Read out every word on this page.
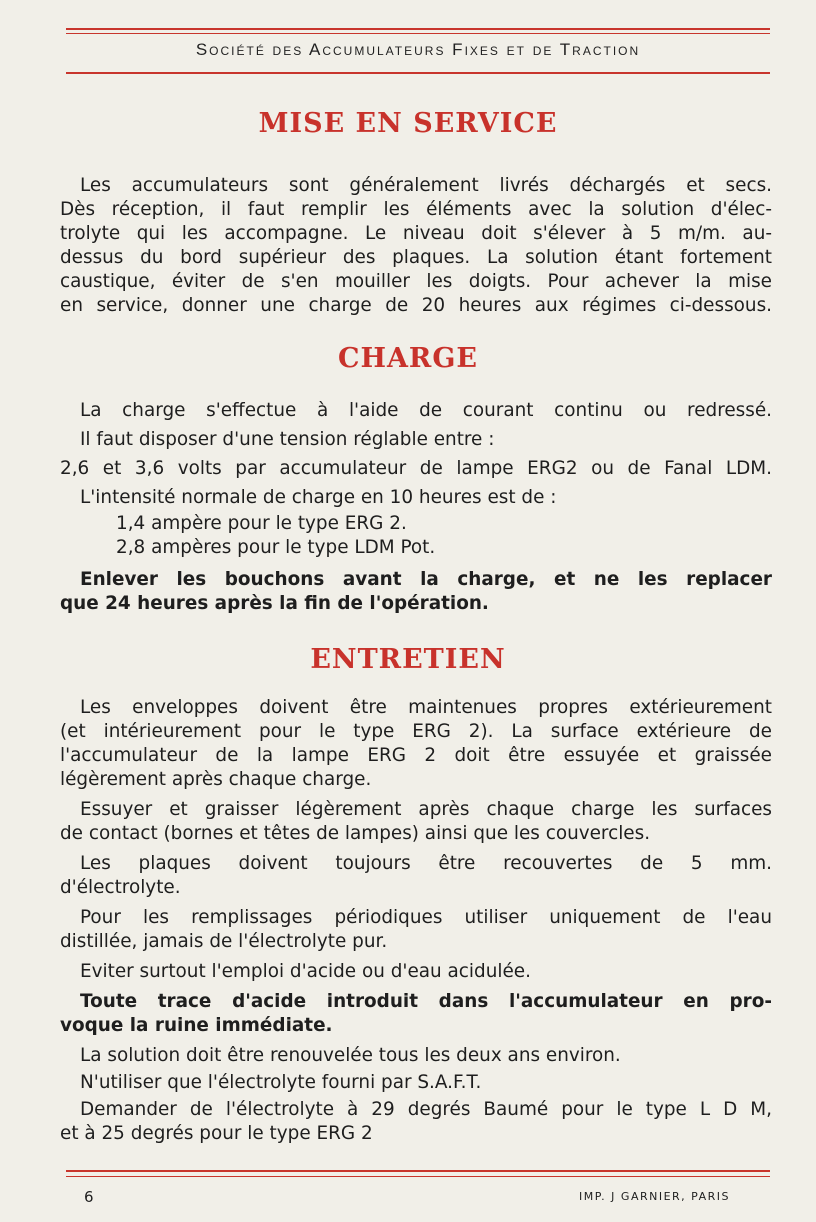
Société des Accumulateurs Fixes et de Traction
MISE EN SERVICE

Les accumulateurs sont généralement livrés déchargés et secs.

Dès réception, il faut remplir les éléments avec la solution d'élec-

trolyte qui les accompagne. Le niveau doit s'élever à 5 m/m. au-

dessus du bord supérieur des plaques. La solution étant fortement

caustique, éviter de s'en mouiller les doigts. Pour achever la mise

en service, donner une charge de 20 heures aux régimes ci-dessous.

CHARGE

La charge s'effectue à l'aide de courant continu ou redressé.

Il faut disposer d'une tension réglable entre :

2,6 et 3,6 volts par accumulateur de lampe ERG2 ou de Fanal LDM.

L'intensité normale de charge en 10 heures est de :

1,4 ampère pour le type ERG 2.

2,8 ampères pour le type LDM Pot.

Enlever les bouchons avant la charge, et ne les replacer

que 24 heures après la fin de l'opération.

ENTRETIEN

Les enveloppes doivent être maintenues propres extérieurement

(et intérieurement pour le type ERG 2). La surface extérieure de

l'accumulateur de la lampe ERG 2 doit être essuyée et graissée

légèrement après chaque charge.

Essuyer et graisser légèrement après chaque charge les surfaces

de contact (bornes et têtes de lampes) ainsi que les couvercles.

Les plaques doivent toujours être recouvertes de 5 mm.

d'électrolyte.

Pour les remplissages périodiques utiliser uniquement de l'eau

distillée, jamais de l'électrolyte pur.

Eviter surtout l'emploi d'acide ou d'eau acidulée.

Toute trace d'acide introduit dans l'accumulateur en pro-

voque la ruine immédiate.

La solution doit être renouvelée tous les deux ans environ.

N'utiliser que l'électrolyte fourni par S.A.F.T.

Demander de l'électrolyte à 29 degrés Baumé pour le type L D M,

et à 25 degrés pour le type ERG 2

6	IMP. J GARNIER, PARIS
